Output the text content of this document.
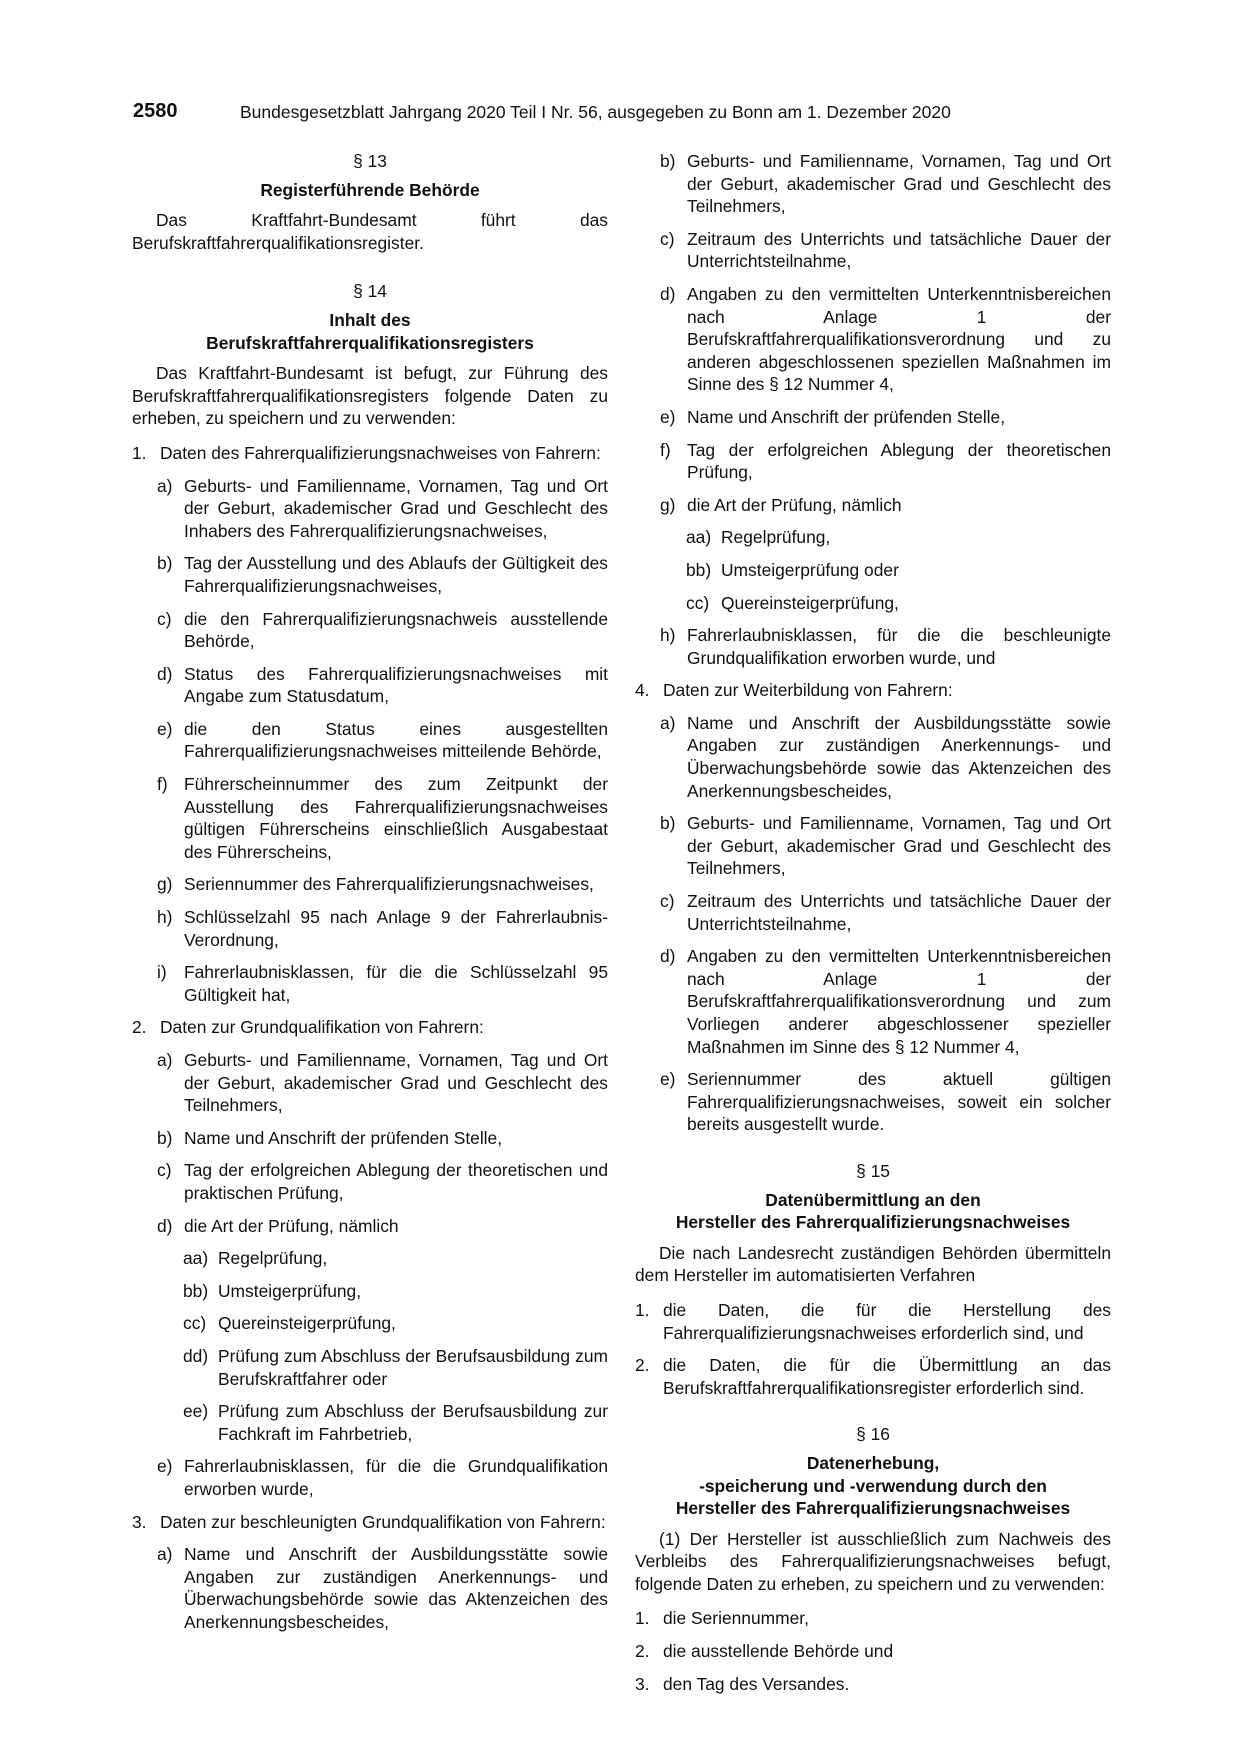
2580	Bundesgesetzblatt Jahrgang 2020 Teil I Nr. 56, ausgegeben zu Bonn am 1. Dezember 2020

§ 13

Registerführende Behörde

Das Kraftfahrt-Bundesamt führt das Berufskraftfahrerqualifikationsregister.

§ 14

Inhalt des
Berufskraftfahrerqualifikationsregisters

Das Kraftfahrt-Bundesamt ist befugt, zur Führung des Berufskraftfahrerqualifikationsregisters folgende Daten zu erheben, zu speichern und zu verwenden:

1. Daten des Fahrerqualifizierungsnachweises von Fahrern:
a) Geburts- und Familienname, Vornamen, Tag und Ort der Geburt, akademischer Grad und Geschlecht des Inhabers des Fahrerqualifizierungsnachweises,
b) Tag der Ausstellung und des Ablaufs der Gültigkeit des Fahrerqualifizierungsnachweises,
c) die den Fahrerqualifizierungsnachweis ausstellende Behörde,
d) Status des Fahrerqualifizierungsnachweises mit Angabe zum Statusdatum,
e) die den Status eines ausgestellten Fahrerqualifizierungsnachweises mitteilende Behörde,
f) Führerscheinnummer des zum Zeitpunkt der Ausstellung des Fahrerqualifizierungsnachweises gültigen Führerscheins einschließlich Ausgabestaat des Führerscheins,
g) Seriennummer des Fahrerqualifizierungsnachweises,
h) Schlüsselzahl 95 nach Anlage 9 der Fahrerlaubnis-Verordnung,
i) Fahrerlaubnisklassen, für die die Schlüsselzahl 95 Gültigkeit hat,
2. Daten zur Grundqualifikation von Fahrern:
a) Geburts- und Familienname, Vornamen, Tag und Ort der Geburt, akademischer Grad und Geschlecht des Teilnehmers,
b) Name und Anschrift der prüfenden Stelle,
c) Tag der erfolgreichen Ablegung der theoretischen und praktischen Prüfung,
d) die Art der Prüfung, nämlich
aa) Regelprüfung,
bb) Umsteigerprüfung,
cc) Quereinsteigerprüfung,
dd) Prüfung zum Abschluss der Berufsausbildung zum Berufskraftfahrer oder
ee) Prüfung zum Abschluss der Berufsausbildung zur Fachkraft im Fahrbetrieb,
e) Fahrerlaubnisklassen, für die die Grundqualifikation erworben wurde,
3. Daten zur beschleunigten Grundqualifikation von Fahrern:
a) Name und Anschrift der Ausbildungsstätte sowie Angaben zur zuständigen Anerkennungs- und Überwachungsbehörde sowie das Aktenzeichen des Anerkennungsbescheides,
b) Geburts- und Familienname, Vornamen, Tag und Ort der Geburt, akademischer Grad und Geschlecht des Teilnehmers,
c) Zeitraum des Unterrichts und tatsächliche Dauer der Unterrichtsteilnahme,
d) Angaben zu den vermittelten Unterkenntnisbereichen nach Anlage 1 der Berufskraftfahrerqualifikationsverordnung und zu anderen abgeschlossenen speziellen Maßnahmen im Sinne des § 12 Nummer 4,
e) Name und Anschrift der prüfenden Stelle,
f) Tag der erfolgreichen Ablegung der theoretischen Prüfung,
g) die Art der Prüfung, nämlich
aa) Regelprüfung,
bb) Umsteigerprüfung oder
cc) Quereinsteigerprüfung,
h) Fahrerlaubnisklassen, für die die beschleunigte Grundqualifikation erworben wurde, und
4. Daten zur Weiterbildung von Fahrern:
a) Name und Anschrift der Ausbildungsstätte sowie Angaben zur zuständigen Anerkennungs- und Überwachungsbehörde sowie das Aktenzeichen des Anerkennungsbescheides,
b) Geburts- und Familienname, Vornamen, Tag und Ort der Geburt, akademischer Grad und Geschlecht des Teilnehmers,
c) Zeitraum des Unterrichts und tatsächliche Dauer der Unterrichtsteilnahme,
d) Angaben zu den vermittelten Unterkenntnisbereichen nach Anlage 1 der Berufskraftfahrerqualifikationsverordnung und zum Vorliegen anderer abgeschlossener spezieller Maßnahmen im Sinne des § 12 Nummer 4,
e) Seriennummer des aktuell gültigen Fahrerqualifizierungsnachweises, soweit ein solcher bereits ausgestellt wurde.

§ 15

Datenübermittlung an den
Hersteller des Fahrerqualifizierungsnachweises

Die nach Landesrecht zuständigen Behörden übermitteln dem Hersteller im automatisierten Verfahren

1. die Daten, die für die Herstellung des Fahrerqualifizierungsnachweises erforderlich sind, und
2. die Daten, die für die Übermittlung an das Berufskraftfahrerqualifikationsregister erforderlich sind.

§ 16

Datenerhebung,
-speicherung und -verwendung durch den
Hersteller des Fahrerqualifizierungsnachweises

(1) Der Hersteller ist ausschließlich zum Nachweis des Verbleibs des Fahrerqualifizierungsnachweises befugt, folgende Daten zu erheben, zu speichern und zu verwenden:

1. die Seriennummer,
2. die ausstellende Behörde und
3. den Tag des Versandes.
